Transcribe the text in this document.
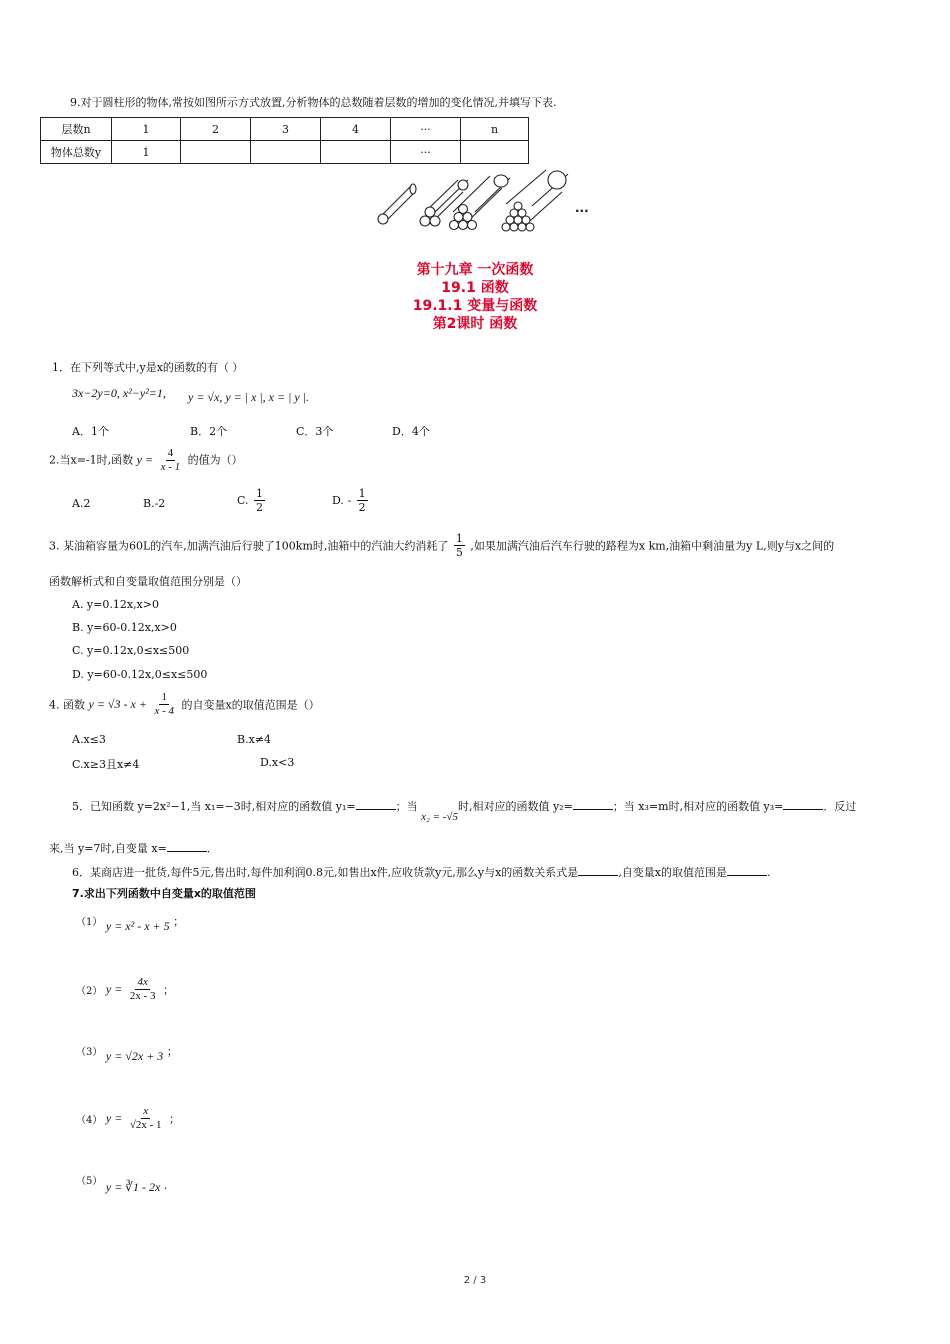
9.对于圆柱形的物体,常按如图所示方式放置,分析物体的总数随着层数的增加的变化情况,并填写下表.
层数n	1	2	3	4	···	n
物体总数y	1				···	
···
第十九章 一次函数
19.1 函数
19.1.1 变量与函数
第2课时 函数
1．在下列等式中,y是x的函数的有（ ）
3x−2y=0, x²−y²=1, y = √x, y = | x |, x = | y |.
A．1个	B．2个	C．3个	D．4个
2.当x=-1时,函数 $y = \frac{4}{x - 1}$ 的值为（）
A.2	B.-2	C. $\frac{1}{2}$	D. - $\frac{1}{2}$
3. 某油箱容量为60L的汽车,加满汽油后行驶了100km时,油箱中的汽油大约消耗了 $\frac{1}{5}$ ,如果加满汽油后汽车行驶的路程为x km,油箱中剩油量为y L,则y与x之间的
函数解析式和自变量取值范围分别是（）
A. y=0.12x,x>0
B. y=60-0.12x,x>0
C. y=0.12x,0≤x≤500
D. y=60-0.12x,0≤x≤500
4. 函数 $y = √3 - x + \frac{1}{x - 4}$ 的自变量x的取值范围是（）
A.x≤3	B.x≠4
C.x≥3且x≠4	D.x<3
5．已知函数 y=2x²−1,当 x₁=−3时,相对应的函数值 y₁=	；当 x₂ = -√5时,相对应的函数值 y₂=	；当 x₃=m时,相对应的函数值 y₃=	．反过
来,当 y=7时,自变量 x=	．
6．某商店进一批货,每件5元,售出时,每件加利润0.8元,如售出x件,应收货款y元,那么y与x的函数关系式是	,自变量x的取值范围是	.
7.求出下列函数中自变量x的取值范围
（1） y = x² - x + 5 ；
（2） $y = \frac{4x}{2x - 3}$ ；
（3） y = √2x + 3 ；
（4） $y = \frac{x}{√2x - 1}$ ；
（5） y = ∛1 - 2x .
2 / 3
